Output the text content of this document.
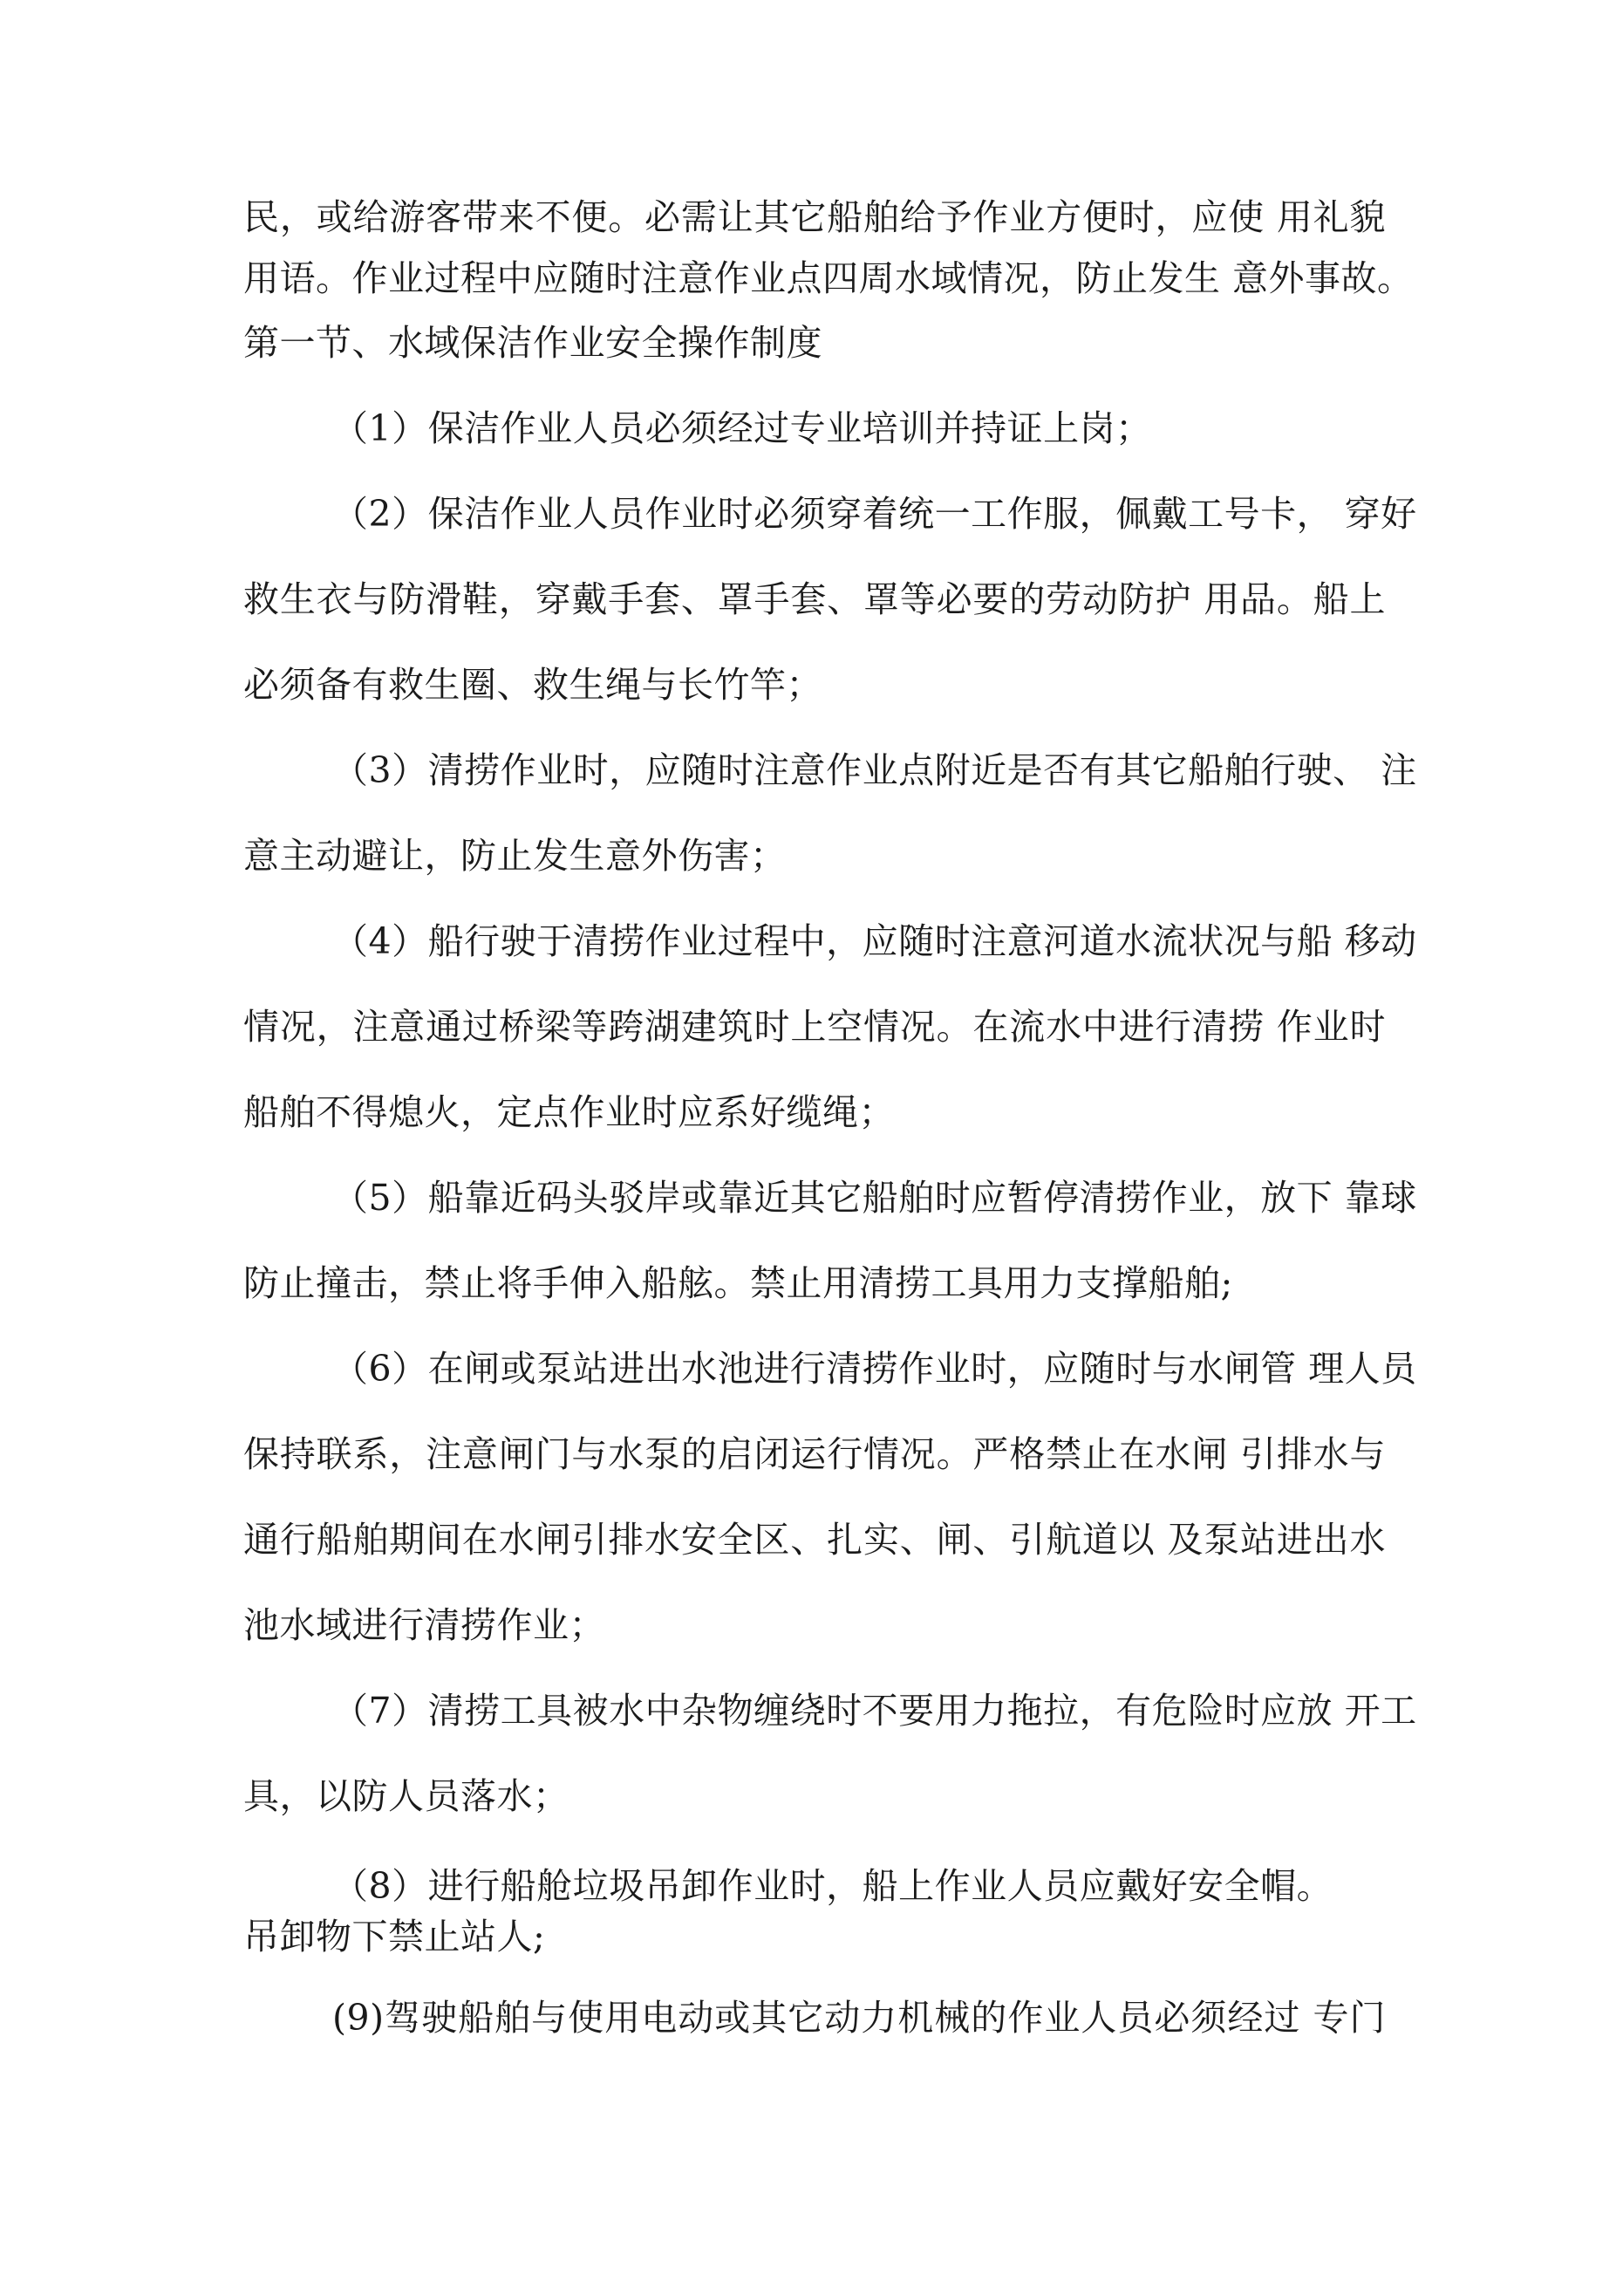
民，或给游客带来不便。必需让其它船舶给予作业方便时，应使 用礼貌
用语。作业过程中应随时注意作业点四周水域情况，防止发生 意外事故。
第一节、水域保洁作业安全操作制度
（1）保洁作业人员必须经过专业培训并持证上岗；
（2）保洁作业人员作业时必须穿着统一工作服，佩戴工号卡， 穿好
救生衣与防滑鞋，穿戴手套、罩手套、罩等必要的劳动防护 用品。船上
必须备有救生圈、救生绳与长竹竿；
（3）清捞作业时，应随时注意作业点附近是否有其它船舶行驶、 注
意主动避让，防止发生意外伤害；
（4）船行驶于清捞作业过程中，应随时注意河道水流状况与船 移动
情况，注意通过桥梁等跨湖建筑时上空情况。在流水中进行清捞 作业时
船舶不得熄火，定点作业时应系好缆绳；
（5）船靠近码头驳岸或靠近其它船舶时应暂停清捞作业，放下 靠球
防止撞击，禁止将手伸入船舷。禁止用清捞工具用力支撑船舶;
（6）在闸或泵站进出水池进行清捞作业时，应随时与水闸管 理人员
保持联系，注意闸门与水泵的启闭运行情况。严格禁止在水闸 引排水与
通行船舶期间在水闸引排水安全区、扎实、闸、引航道以 及泵站进出水
池水域进行清捞作业；
（7）清捞工具被水中杂物缠绕时不要用力拖拉，有危险时应放 开工
具，以防人员落水；
（8）进行船舱垃圾吊卸作业时，船上作业人员应戴好安全帽。
吊卸物下禁止站人;
(9)驾驶船舶与使用电动或其它动力机械的作业人员必须经过 专门
